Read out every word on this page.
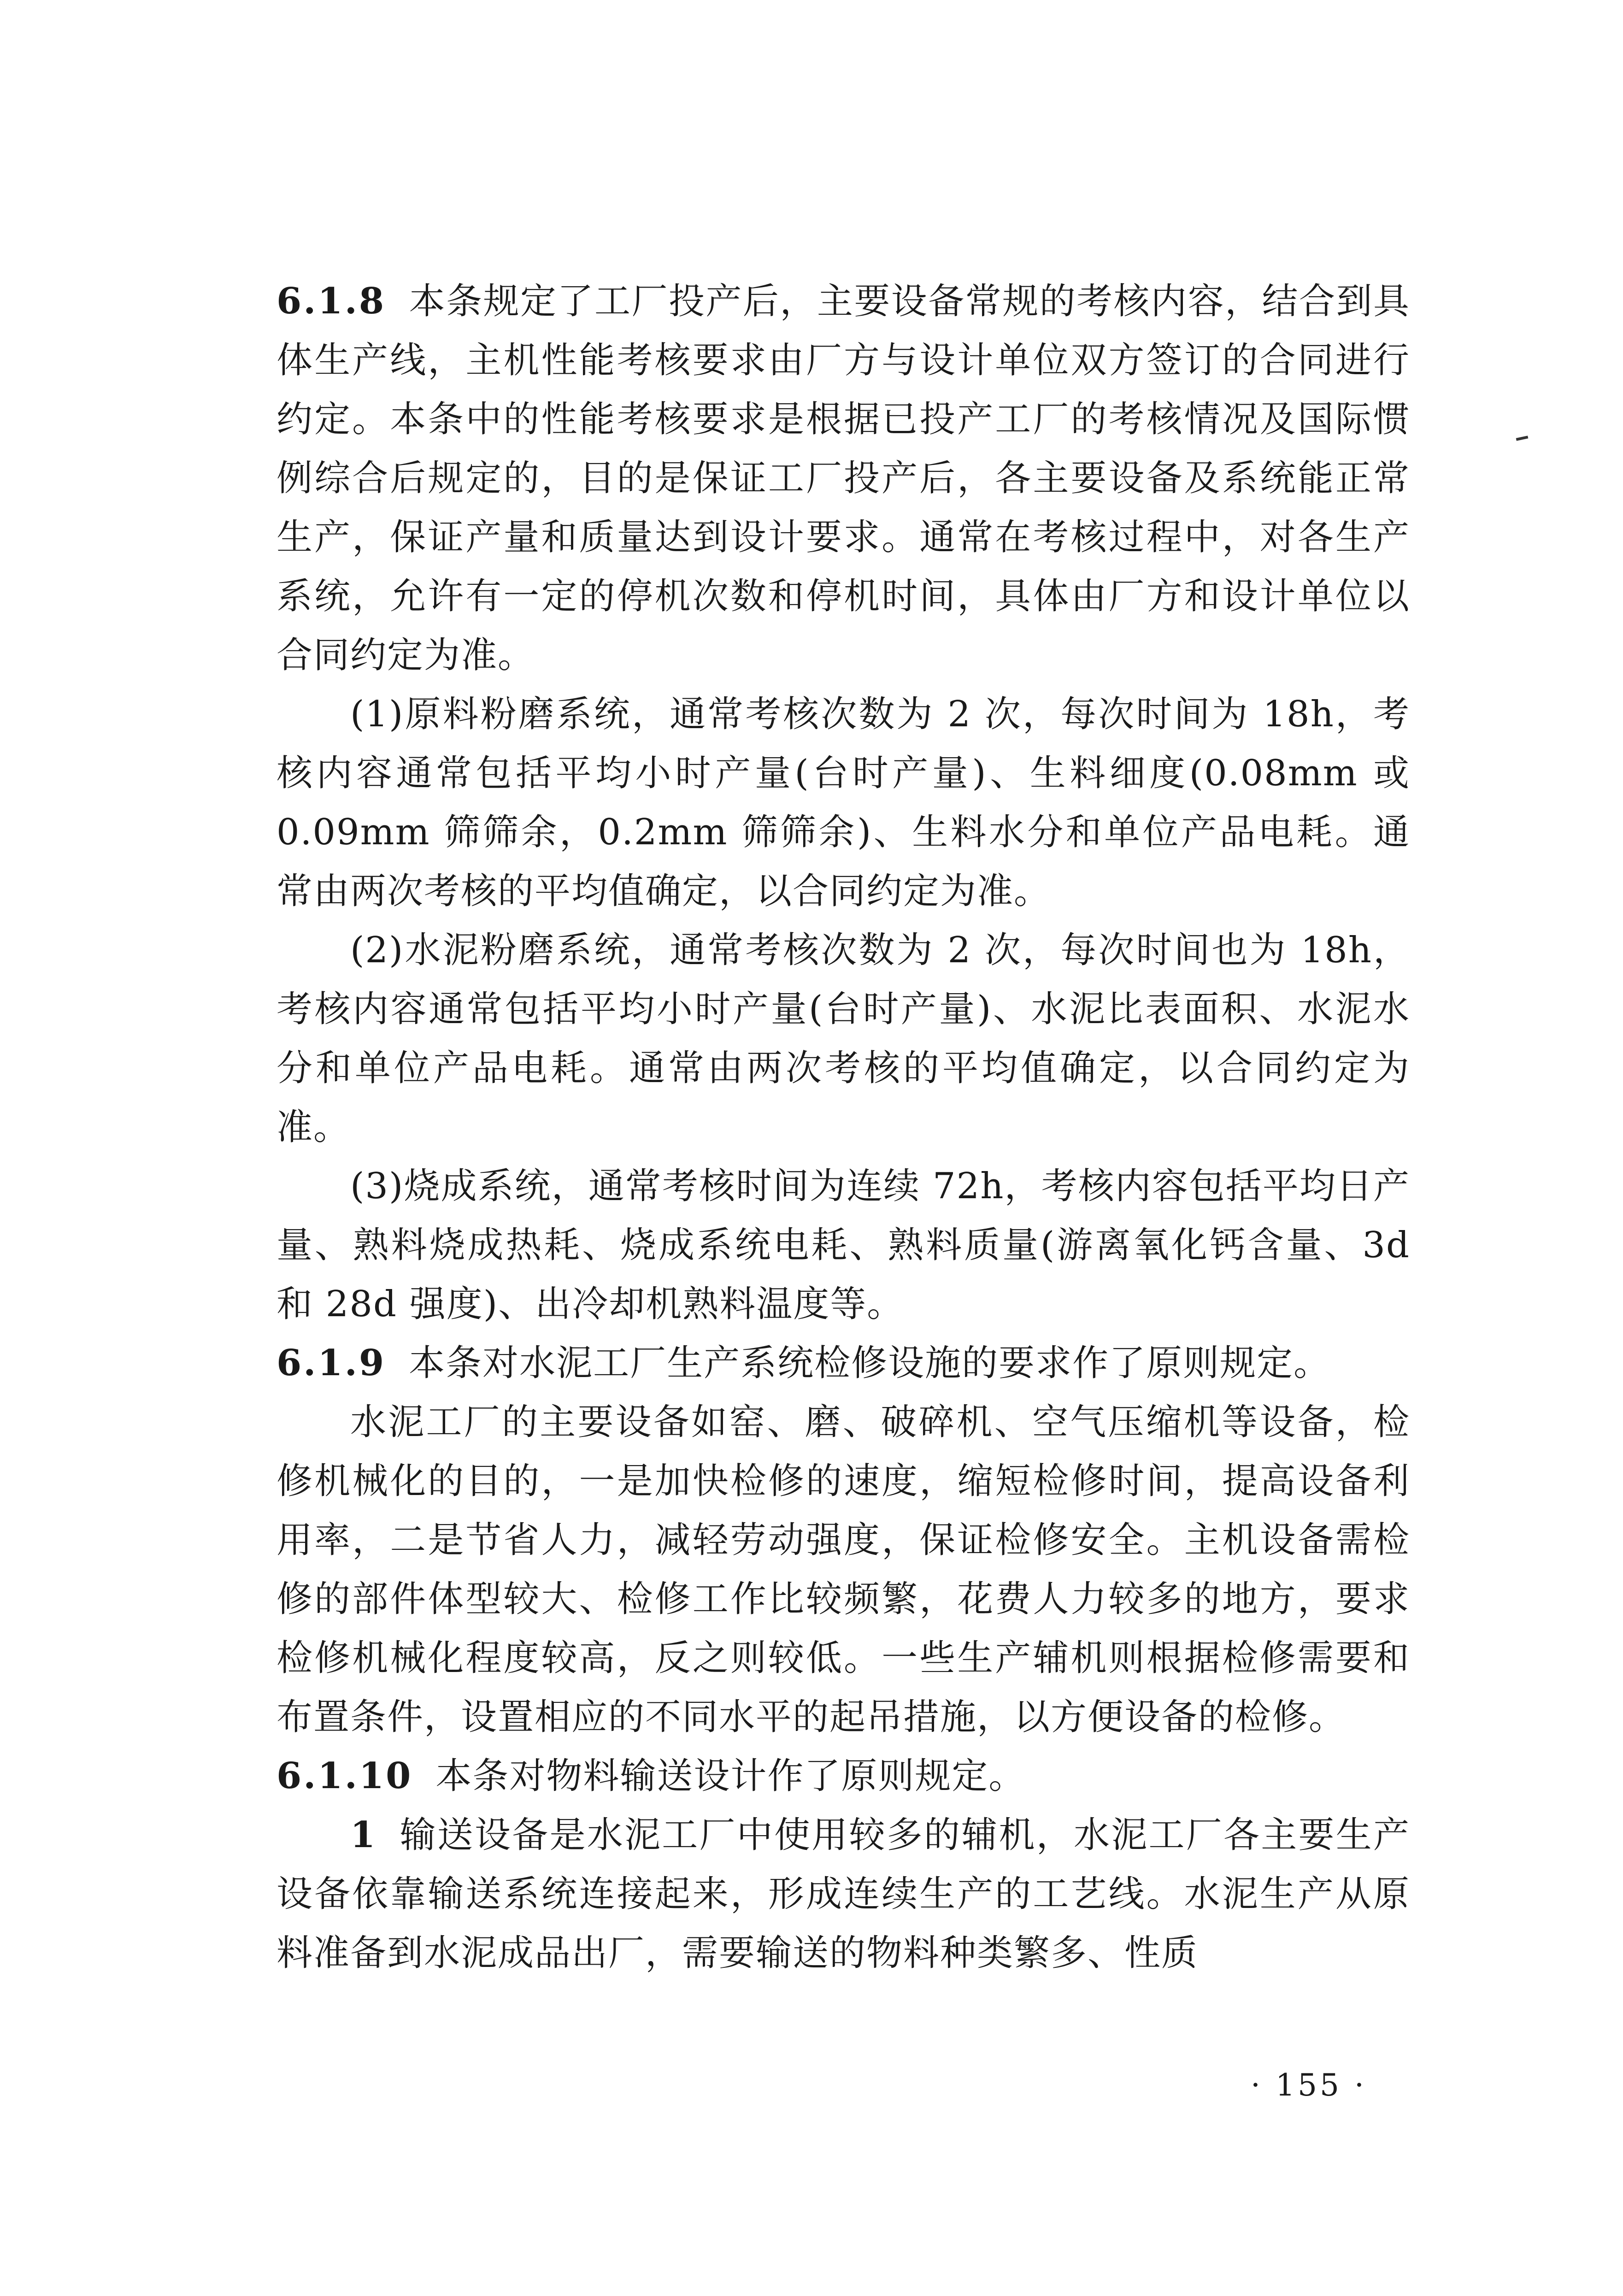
6.1.8 本条规定了工厂投产后，主要设备常规的考核内容，结合到具体生产线，主机性能考核要求由厂方与设计单位双方签订的合同进行约定。本条中的性能考核要求是根据已投产工厂的考核情况及国际惯例综合后规定的，目的是保证工厂投产后，各主要设备及系统能正常生产，保证产量和质量达到设计要求。通常在考核过程中，对各生产系统，允许有一定的停机次数和停机时间，具体由厂方和设计单位以合同约定为准。

(1)原料粉磨系统，通常考核次数为 2 次，每次时间为 18h，考核内容通常包括平均小时产量(台时产量)、生料细度(0.08mm 或 0.09mm 筛筛余，0.2mm 筛筛余)、生料水分和单位产品电耗。通常由两次考核的平均值确定，以合同约定为准。

(2)水泥粉磨系统，通常考核次数为 2 次，每次时间也为 18h，考核内容通常包括平均小时产量(台时产量)、水泥比表面积、水泥水分和单位产品电耗。通常由两次考核的平均值确定，以合同约定为准。

(3)烧成系统，通常考核时间为连续 72h，考核内容包括平均日产量、熟料烧成热耗、烧成系统电耗、熟料质量(游离氧化钙含量、3d 和 28d 强度)、出冷却机熟料温度等。

6.1.9 本条对水泥工厂生产系统检修设施的要求作了原则规定。

水泥工厂的主要设备如窑、磨、破碎机、空气压缩机等设备，检修机械化的目的，一是加快检修的速度，缩短检修时间，提高设备利用率，二是节省人力，减轻劳动强度，保证检修安全。主机设备需检修的部件体型较大、检修工作比较频繁，花费人力较多的地方，要求检修机械化程度较高，反之则较低。一些生产辅机则根据检修需要和布置条件，设置相应的不同水平的起吊措施，以方便设备的检修。

6.1.10 本条对物料输送设计作了原则规定。

1 输送设备是水泥工厂中使用较多的辅机，水泥工厂各主要生产设备依靠输送系统连接起来，形成连续生产的工艺线。水泥生产从原料准备到水泥成品出厂，需要输送的物料种类繁多、性质

· 155 ·
